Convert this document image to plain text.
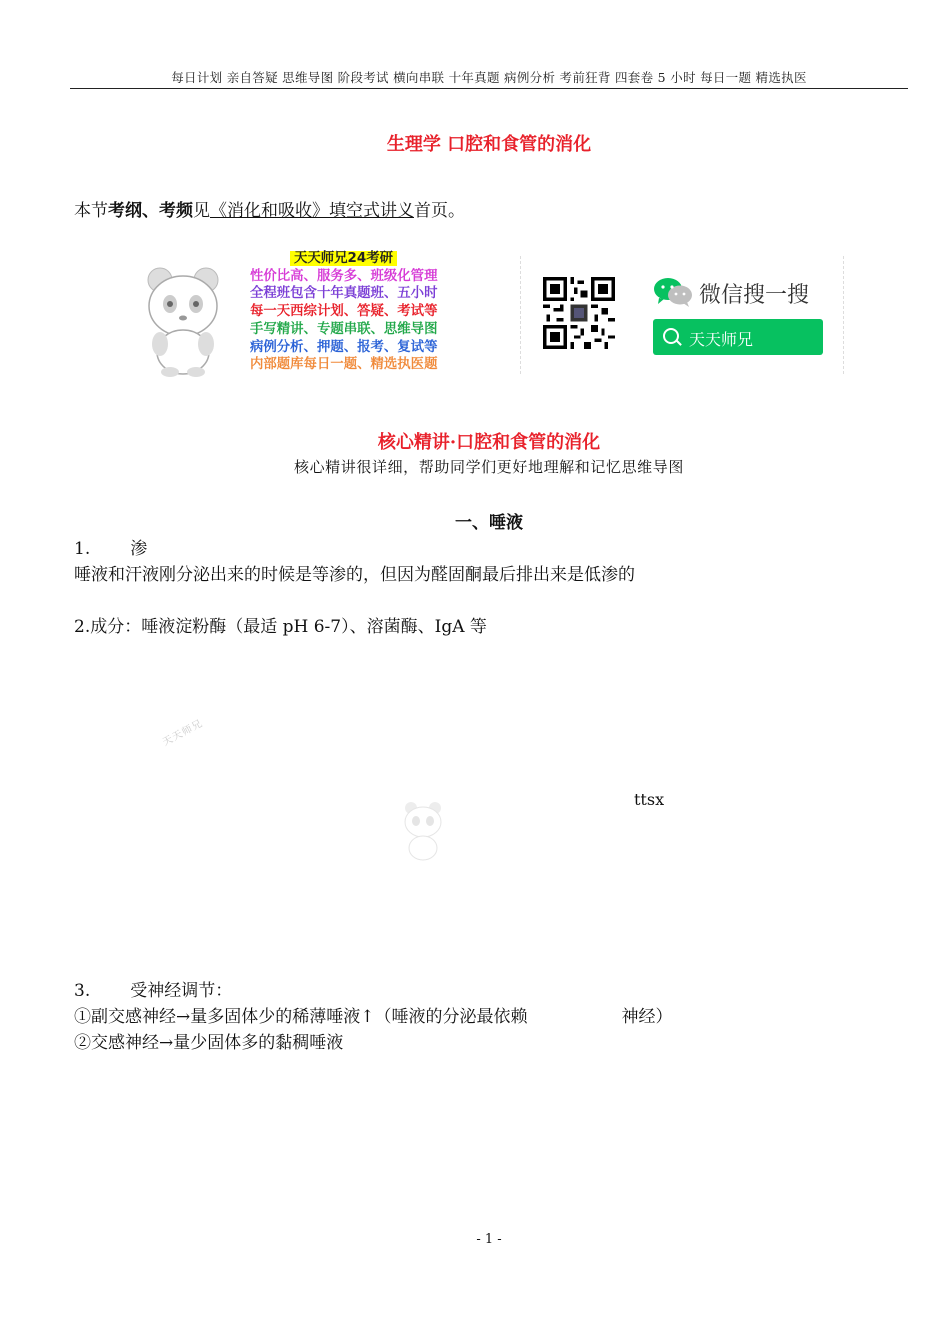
每日计划 亲自答疑 思维导图 阶段考试 横向串联 十年真题 病例分析 考前狂背 四套卷 5 小时 每日一题 精选执医
生理学 口腔和食管的消化
本节考纲、考频见《消化和吸收》填空式讲义首页。
天天师兄24考研
性价比高、服务多、班级化管理
全程班包含十年真题班、五小时
每一天西综计划、答疑、考试等
手写精讲、专题串联、思维导图
病例分析、押题、报考、复试等
内部题库每日一题、精选执医题
微信搜一搜
天天师兄
核心精讲·口腔和食管的消化
核心精讲很详细，帮助同学们更好地理解和记忆思维导图
一、唾液
1. 渗
唾液和汗液刚分泌出来的时候是等渗的，但因为醛固酮最后排出来是低渗的
2.成分：唾液淀粉酶（最适 pH 6-7）、溶菌酶、IgA 等
天天师兄
ttsx
3. 受神经调节：
①副交感神经→量多固体少的稀薄唾液↑（唾液的分泌最依赖	神经）
②交感神经→量少固体多的黏稠唾液
- 1 -
